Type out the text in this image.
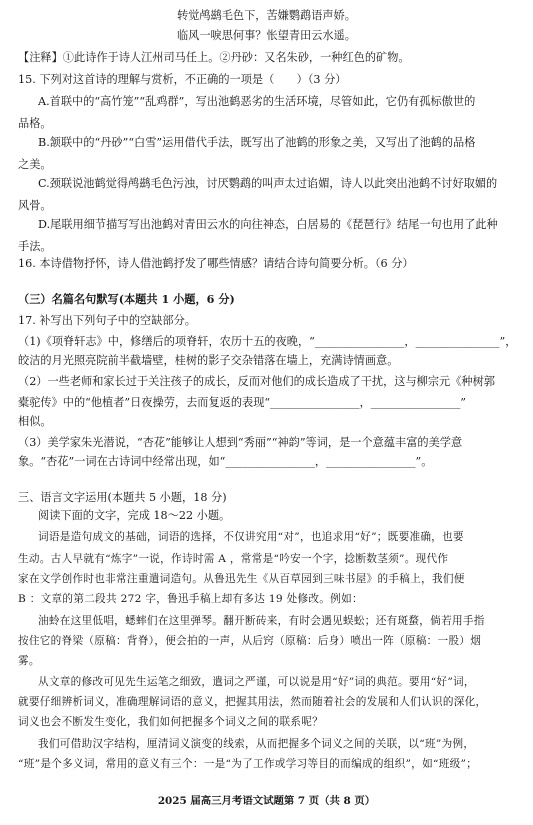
转觉鸬鹚毛色下，苦嫌鹦鹉语声娇。
临风一唳思何事？怅望青田云水遥。
【注释】①此诗作于诗人江州司马任上。②丹砂：又名朱砂，一种红色的矿物。
15. 下列对这首诗的理解与赏析，不正确的一项是（　　）（3 分）
A.首联中的“高竹笼”“乱鸡群”，写出池鹤恶劣的生活环境，尽管如此，它仍有孤标傲世的
品格。
B.颔联中的“丹砂”“白雪”运用借代手法，既写出了池鹤的形象之美，又写出了池鹤的品格
之美。
C.颈联说池鹤觉得鸬鹚毛色污浊，讨厌鹦鹉的叫声太过谄媚，诗人以此突出池鹤不讨好取媚的
风骨。
D.尾联用细节描写写出池鹤对青田云水的向往神态，白居易的《琵琶行》结尾一句也用了此种
手法。
16. 本诗借物抒怀，诗人借池鹤抒发了哪些情感？请结合诗句简要分析。（6 分）
（三）名篇名句默写(本题共 1 小题，6 分)
17. 补写出下列句子中的空缺部分。
（1)《项脊轩志》中，修缮后的项脊轩，农历十五的夜晚，“________________，_______________”，
皎洁的月光照亮院前半截墙壁，桂树的影子交杂错落在墙上，充满诗情画意。
（2）一些老师和家长过于关注孩子的成长，反而对他们的成长造成了干扰，这与柳宗元《种树郭
橐驼传》中的“他植者”日夜操劳，去而复返的表现“________________，________________”
相似。
（3）美学家朱光潜说，“杏花”能够让人想到“秀丽”“神韵”等词，是一个意蕴丰富的美学意
象。“杏花”一词在古诗词中经常出现，如“________________，________________”。
三、语言文字运用(本题共 5 小题，18 分)
阅读下面的文字，完成 18～22 小题。
词语是造句成文的基础，词语的选择，不仅讲究用“对”，也追求用“好”；既要准确，也要
生动。古人早就有“炼字”一说，作诗时需 A ，常常是“吟安一个字，捻断数茎须”。现代作
家在文学创作时也非常注重遣词造句。从鲁迅先生《从百草园到三味书屋》的手稿上，我们便
B ：文章的第二段共 272 字，鲁迅手稿上却有多达 19 处修改。例如：
油蛉在这里低唱，蟋蟀们在这里弹琴。翻开断砖来，有时会遇见蜈蚣；还有斑蝥，倘若用手指
按住它的脊梁（原稿：背脊），便会拍的一声，从后窍（原稿：后身）喷出一阵（原稿：一股）烟
雾。
从文章的修改可见先生运笔之细致，遣词之严谨，可以说是用“好”词的典范。要用“好”词，
就要仔细辨析词义，准确理解词语的意义，把握其用法，然而随着社会的发展和人们认识的深化，
词义也会不断发生变化，我们如何把握多个词义之间的联系呢？
我们可借助汉字结构，厘清词义演变的线索，从而把握多个词义之间的关联，以“班”为例，
“班”是个多义词，常用的意义有三个：一是“为了工作或学习等目的而编成的组织”，如“班级”；
2025 届高三月考语文试题第 7 页（共 8 页）
